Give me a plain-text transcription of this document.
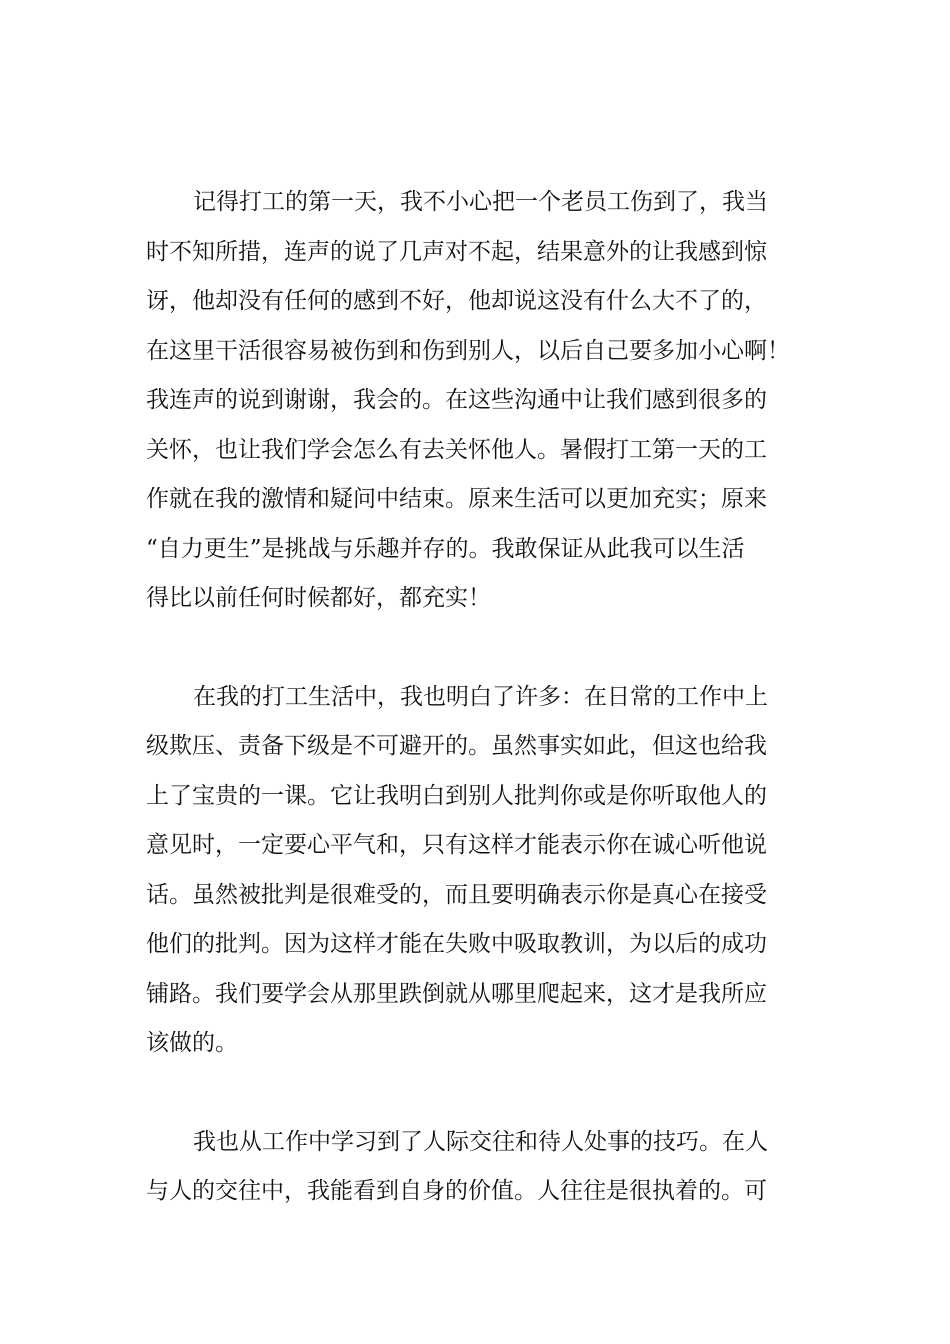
记得打工的第一天，我不小心把一个老员工伤到了，我当
时不知所措，连声的说了几声对不起，结果意外的让我感到惊
讶，他却没有任何的感到不好，他却说这没有什么大不了的，
在这里干活很容易被伤到和伤到别人，以后自己要多加小心啊！
我连声的说到谢谢，我会的。在这些沟通中让我们感到很多的
关怀，也让我们学会怎么有去关怀他人。暑假打工第一天的工
作就在我的激情和疑问中结束。原来生活可以更加充实；原来
“自力更生”是挑战与乐趣并存的。我敢保证从此我可以生活
得比以前任何时候都好，都充实！

在我的打工生活中，我也明白了许多：在日常的工作中上
级欺压、责备下级是不可避开的。虽然事实如此，但这也给我
上了宝贵的一课。它让我明白到别人批判你或是你听取他人的
意见时，一定要心平气和，只有这样才能表示你在诚心听他说
话。虽然被批判是很难受的，而且要明确表示你是真心在接受
他们的批判。因为这样才能在失败中吸取教训，为以后的成功
铺路。我们要学会从那里跌倒就从哪里爬起来，这才是我所应
该做的。

我也从工作中学习到了人际交往和待人处事的技巧。在人
与人的交往中，我能看到自身的价值。人往往是很执着的。可
